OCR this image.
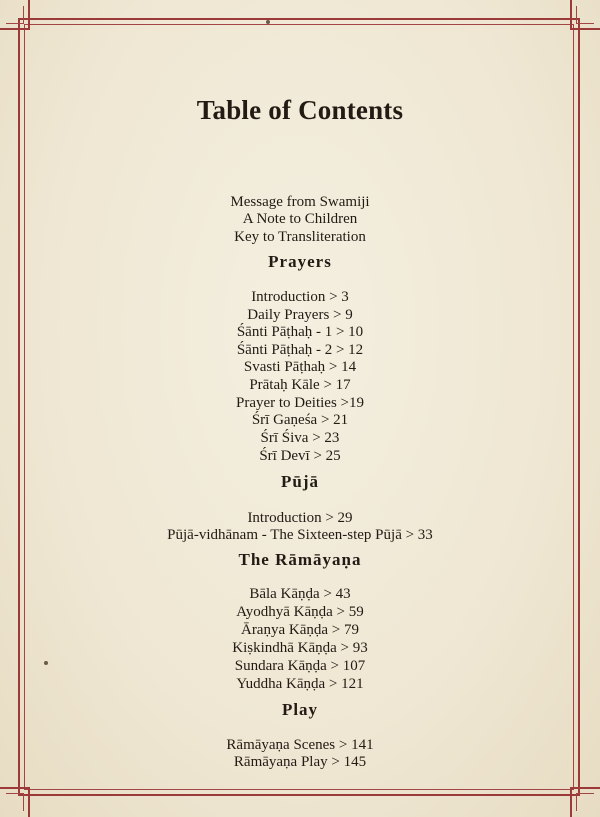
Table of Contents
Message from Swamiji
A Note to Children
Key to Transliteration
Prayers
Introduction > 3
Daily Prayers > 9
Śānti Pāṭhaḥ - 1 > 10
Śānti Pāṭhaḥ - 2 > 12
Svasti Pāṭhaḥ > 14
Prātaḥ Kāle > 17
Prayer to Deities >19
Śrī Gaṇeśa > 21
Śrī Śiva > 23
Śrī Devī > 25
Pūjā
Introduction > 29
Pūjā-vidhānam - The Sixteen-step Pūjā > 33
The Rāmāyaṇa
Bāla Kāṇḍa > 43
Ayodhyā Kāṇḍa > 59
Āraṇya Kāṇḍa > 79
Kiṣkindhā Kāṇḍa > 93
Sundara Kāṇḍa > 107
Yuddha Kāṇḍa > 121
Play
Rāmāyaṇa Scenes > 141
Rāmāyaṇa Play > 145
